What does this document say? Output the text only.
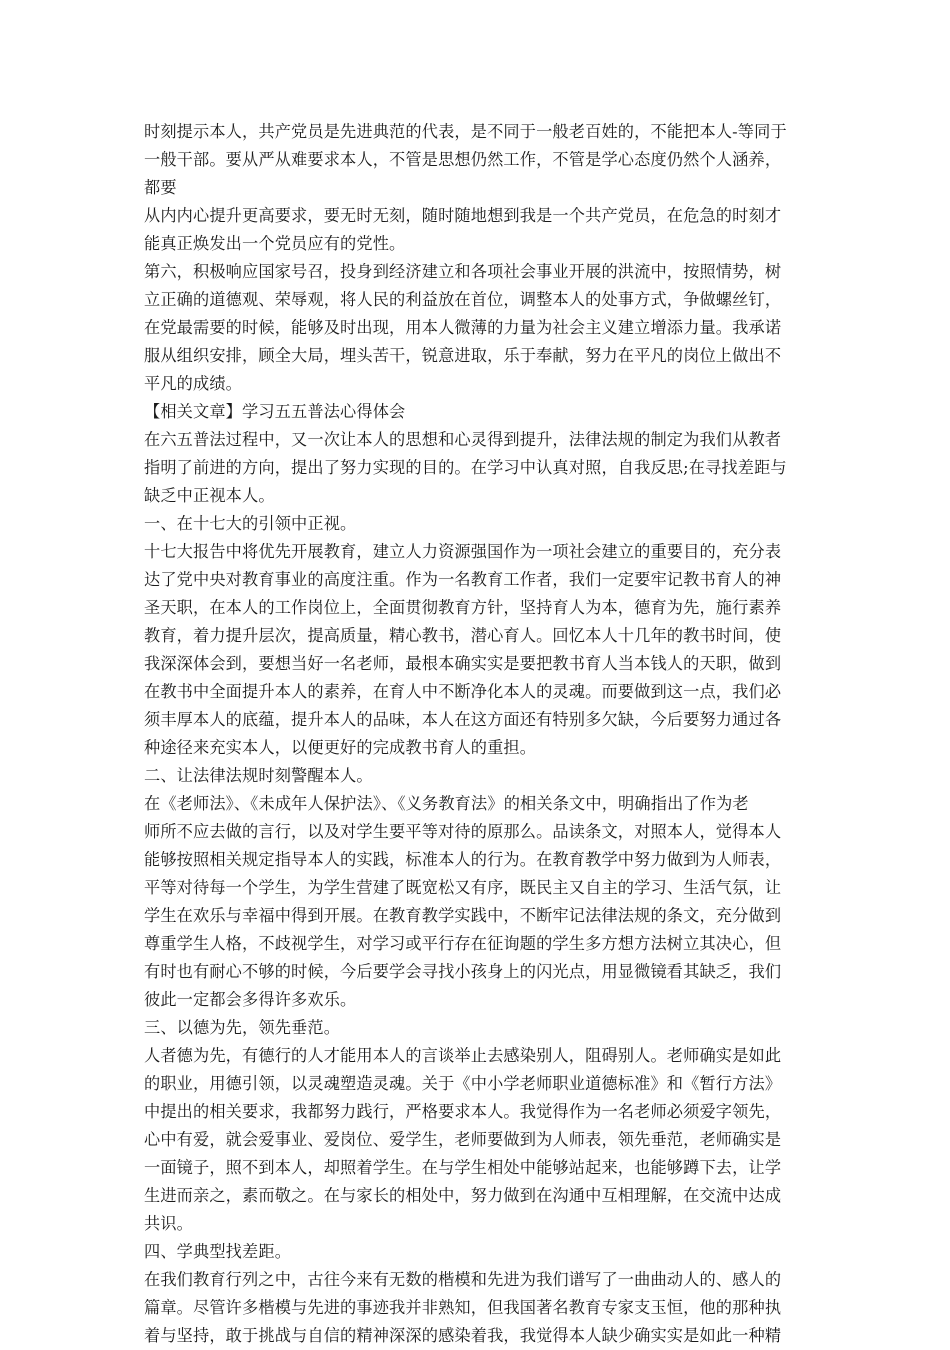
时刻提示本人，共产党员是先进典范的代表，是不同于一般老百姓的，不能把本人-等同于
一般干部。要从严从难要求本人，不管是思想仍然工作，不管是学心态度仍然个人涵养，
都要
从内内心提升更高要求，要无时无刻，随时随地想到我是一个共产党员，在危急的时刻才
能真正焕发出一个党员应有的党性。
第六，积极响应国家号召，投身到经济建立和各项社会事业开展的洪流中，按照情势，树
立正确的道德观、荣辱观，将人民的利益放在首位，调整本人的处事方式，争做螺丝钉，
在党最需要的时候，能够及时出现，用本人微薄的力量为社会主义建立增添力量。我承诺
服从组织安排，顾全大局，埋头苦干，锐意进取，乐于奉献，努力在平凡的岗位上做出不
平凡的成绩。
【相关文章】学习五五普法心得体会
在六五普法过程中，又一次让本人的思想和心灵得到提升，法律法规的制定为我们从教者
指明了前进的方向，提出了努力实现的目的。在学习中认真对照，自我反思;在寻找差距与
缺乏中正视本人。
一、在十七大的引领中正视。
十七大报告中将优先开展教育，建立人力资源强国作为一项社会建立的重要目的，充分表
达了党中央对教育事业的高度注重。作为一名教育工作者，我们一定要牢记教书育人的神
圣天职，在本人的工作岗位上，全面贯彻教育方针，坚持育人为本，德育为先，施行素养
教育，着力提升层次，提高质量，精心教书，潜心育人。回忆本人十几年的教书时间，使
我深深体会到，要想当好一名老师，最根本确实实是要把教书育人当本钱人的天职，做到
在教书中全面提升本人的素养，在育人中不断净化本人的灵魂。而要做到这一点，我们必
须丰厚本人的底蕴，提升本人的品味，本人在这方面还有特别多欠缺，今后要努力通过各
种途径来充实本人，以便更好的完成教书育人的重担。
二、让法律法规时刻警醒本人。
在《老师法》、《未成年人保护法》、《义务教育法》的相关条文中，明确指出了作为老
师所不应去做的言行，以及对学生要平等对待的原那么。品读条文，对照本人，觉得本人
能够按照相关规定指导本人的实践，标准本人的行为。在教育教学中努力做到为人师表，
平等对待每一个学生，为学生营建了既宽松又有序，既民主又自主的学习、生活气氛，让
学生在欢乐与幸福中得到开展。在教育教学实践中，不断牢记法律法规的条文，充分做到
尊重学生人格，不歧视学生，对学习或平行存在征询题的学生多方想方法树立其决心，但
有时也有耐心不够的时候，今后要学会寻找小孩身上的闪光点，用显微镜看其缺乏，我们
彼此一定都会多得许多欢乐。
三、以德为先，领先垂范。
人者德为先，有德行的人才能用本人的言谈举止去感染别人，阻碍别人。老师确实是如此
的职业，用德引领，以灵魂塑造灵魂。关于《中小学老师职业道德标准》和《暂行方法》
中提出的相关要求，我都努力践行，严格要求本人。我觉得作为一名老师必须爱字领先，
心中有爱，就会爱事业、爱岗位、爱学生，老师要做到为人师表，领先垂范，老师确实是
一面镜子，照不到本人，却照着学生。在与学生相处中能够站起来，也能够蹲下去，让学
生进而亲之，素而敬之。在与家长的相处中，努力做到在沟通中互相理解，在交流中达成
共识。
四、学典型找差距。
在我们教育行列之中，古往今来有无数的楷模和先进为我们谱写了一曲曲动人的、感人的
篇章。尽管许多楷模与先进的事迹我并非熟知，但我国著名教育专家支玉恒，他的那种执
着与坚持，敢于挑战与自信的精神深深的感染着我，我觉得本人缺少确实实是如此一种精
